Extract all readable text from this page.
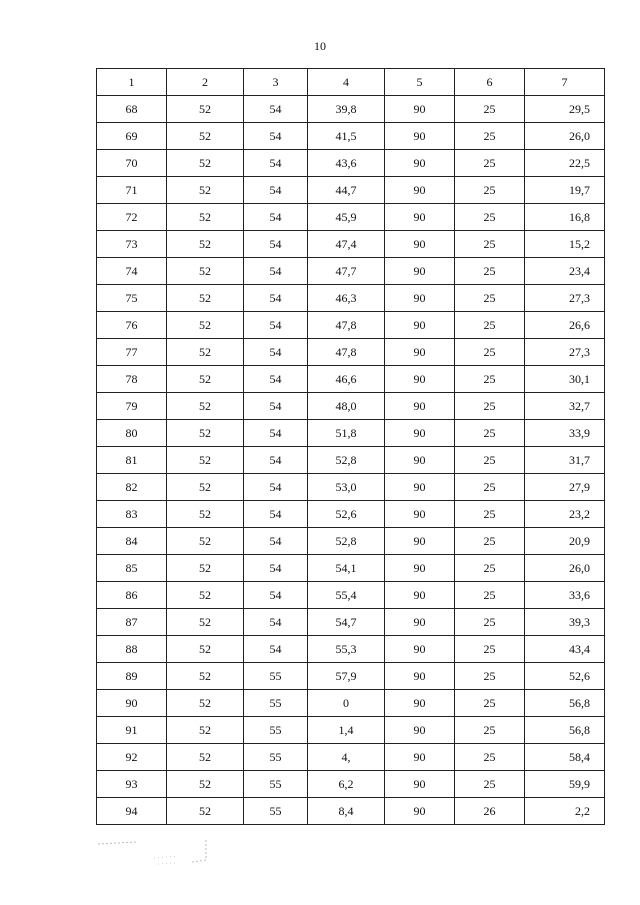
10
1	2	3	4	5	6	7
68	52	54	39,8	90	25	29,5
69	52	54	41,5	90	25	26,0
70	52	54	43,6	90	25	22,5
71	52	54	44,7	90	25	19,7
72	52	54	45,9	90	25	16,8
73	52	54	47,4	90	25	15,2
74	52	54	47,7	90	25	23,4
75	52	54	46,3	90	25	27,3
76	52	54	47,8	90	25	26,6
77	52	54	47,8	90	25	27,3
78	52	54	46,6	90	25	30,1
79	52	54	48,0	90	25	32,7
80	52	54	51,8	90	25	33,9
81	52	54	52,8	90	25	31,7
82	52	54	53,0	90	25	27,9
83	52	54	52,6	90	25	23,2
84	52	54	52,8	90	25	20,9
85	52	54	54,1	90	25	26,0
86	52	54	55,4	90	25	33,6
87	52	54	54,7	90	25	39,3
88	52	54	55,3	90	25	43,4
89	52	55	57,9	90	25	52,6
90	52	55	0	90	25	56,8
91	52	55	1,4	90	25	56,8
92	52	55	4,	90	25	58,4
93	52	55	6,2	90	25	59,9
94	52	55	8,4	90	26	2,2
